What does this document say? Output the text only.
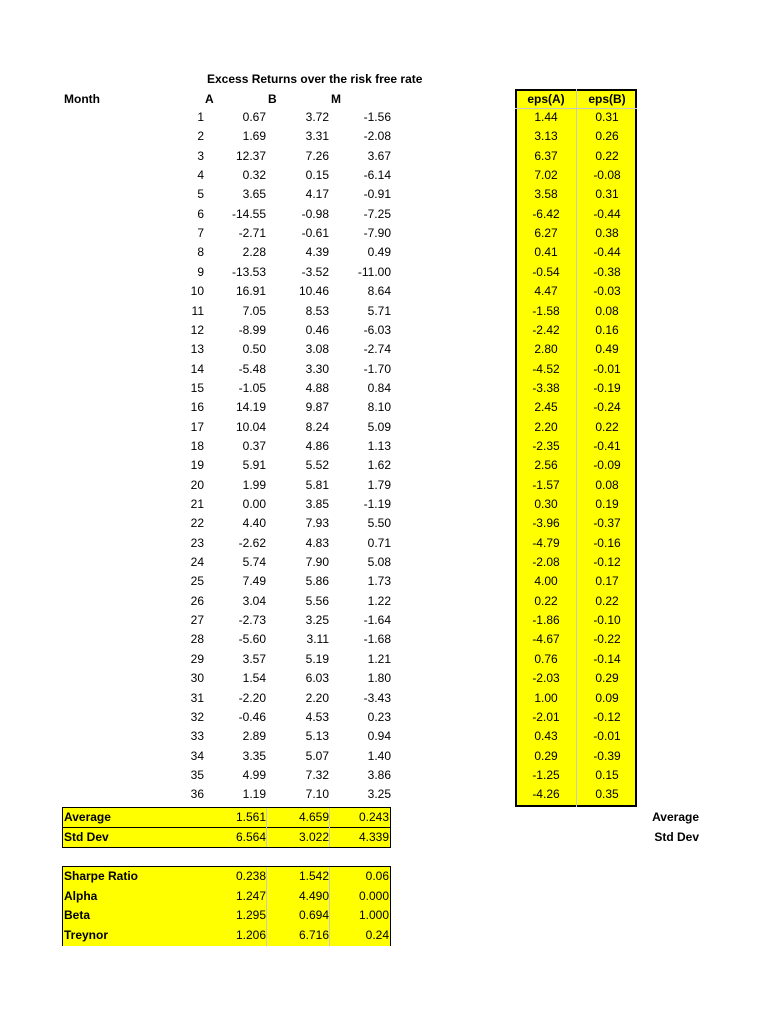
Excess Returns over the risk free rate
Month	A	B	M	eps(A)	eps(B)
1	0.67	3.72	-1.56	1.44	0.31
2	1.69	3.31	-2.08	3.13	0.26
3	12.37	7.26	3.67	6.37	0.22
4	0.32	0.15	-6.14	7.02	-0.08
5	3.65	4.17	-0.91	3.58	0.31
6	-14.55	-0.98	-7.25	-6.42	-0.44
7	-2.71	-0.61	-7.90	6.27	0.38
8	2.28	4.39	0.49	0.41	-0.44
9	-13.53	-3.52	-11.00	-0.54	-0.38
10	16.91	10.46	8.64	4.47	-0.03
11	7.05	8.53	5.71	-1.58	0.08
12	-8.99	0.46	-6.03	-2.42	0.16
13	0.50	3.08	-2.74	2.80	0.49
14	-5.48	3.30	-1.70	-4.52	-0.01
15	-1.05	4.88	0.84	-3.38	-0.19
16	14.19	9.87	8.10	2.45	-0.24
17	10.04	8.24	5.09	2.20	0.22
18	0.37	4.86	1.13	-2.35	-0.41
19	5.91	5.52	1.62	2.56	-0.09
20	1.99	5.81	1.79	-1.57	0.08
21	0.00	3.85	-1.19	0.30	0.19
22	4.40	7.93	5.50	-3.96	-0.37
23	-2.62	4.83	0.71	-4.79	-0.16
24	5.74	7.90	5.08	-2.08	-0.12
25	7.49	5.86	1.73	4.00	0.17
26	3.04	5.56	1.22	0.22	0.22
27	-2.73	3.25	-1.64	-1.86	-0.10
28	-5.60	3.11	-1.68	-4.67	-0.22
29	3.57	5.19	1.21	0.76	-0.14
30	1.54	6.03	1.80	-2.03	0.29
31	-2.20	2.20	-3.43	1.00	0.09
32	-0.46	4.53	0.23	-2.01	-0.12
33	2.89	5.13	0.94	0.43	-0.01
34	3.35	5.07	1.40	0.29	-0.39
35	4.99	7.32	3.86	-1.25	0.15
36	1.19	7.10	3.25	-4.26	0.35
Average	1.561	4.659	0.243
Std Dev	6.564	3.022	4.339
Sharpe Ratio	0.238	1.542	0.06
Alpha	1.247	4.490	0.000
Beta	1.295	0.694	1.000
Treynor	1.206	6.716	0.24
Average
Std Dev
